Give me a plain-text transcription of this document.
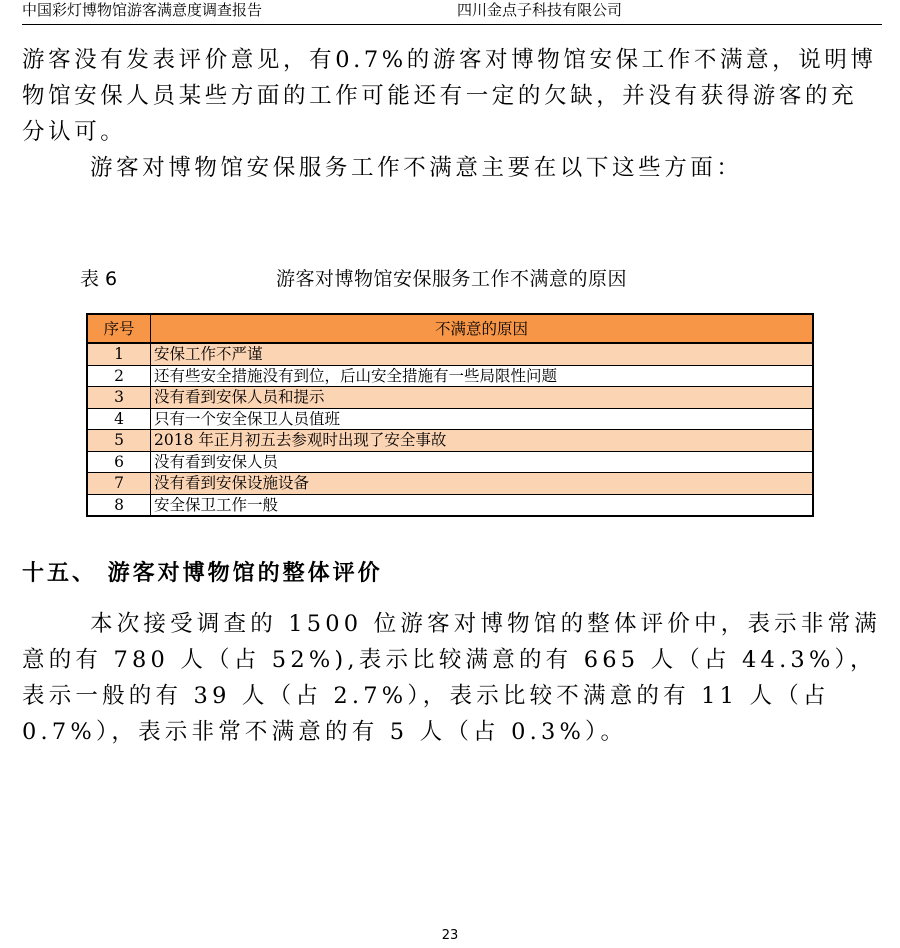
中国彩灯博物馆游客满意度调查报告	四川金点子科技有限公司

游客没有发表评价意见，有0.7%的游客对博物馆安保工作不满意，说明博物馆安保人员某些方面的工作可能还有一定的欠缺，并没有获得游客的充分认可。

游客对博物馆安保服务工作不满意主要在以下这些方面：

表 6	游客对博物馆安保服务工作不满意的原因
序号	不满意的原因
1	安保工作不严谨
2	还有些安全措施没有到位，后山安全措施有一些局限性问题
3	没有看到安保人员和提示
4	只有一个安全保卫人员值班
5	2018 年正月初五去参观时出现了安全事故
6	没有看到安保人员
7	没有看到安保设施设备
8	安全保卫工作一般
十五、 游客对博物馆的整体评价

本次接受调查的 1500 位游客对博物馆的整体评价中，表示非常满意的有 780 人（占 52%),表示比较满意的有 665 人（占 44.3%），表示一般的有 39 人（占 2.7%），表示比较不满意的有 11 人（占 0.7%），表示非常不满意的有 5 人（占 0.3%）。

23
